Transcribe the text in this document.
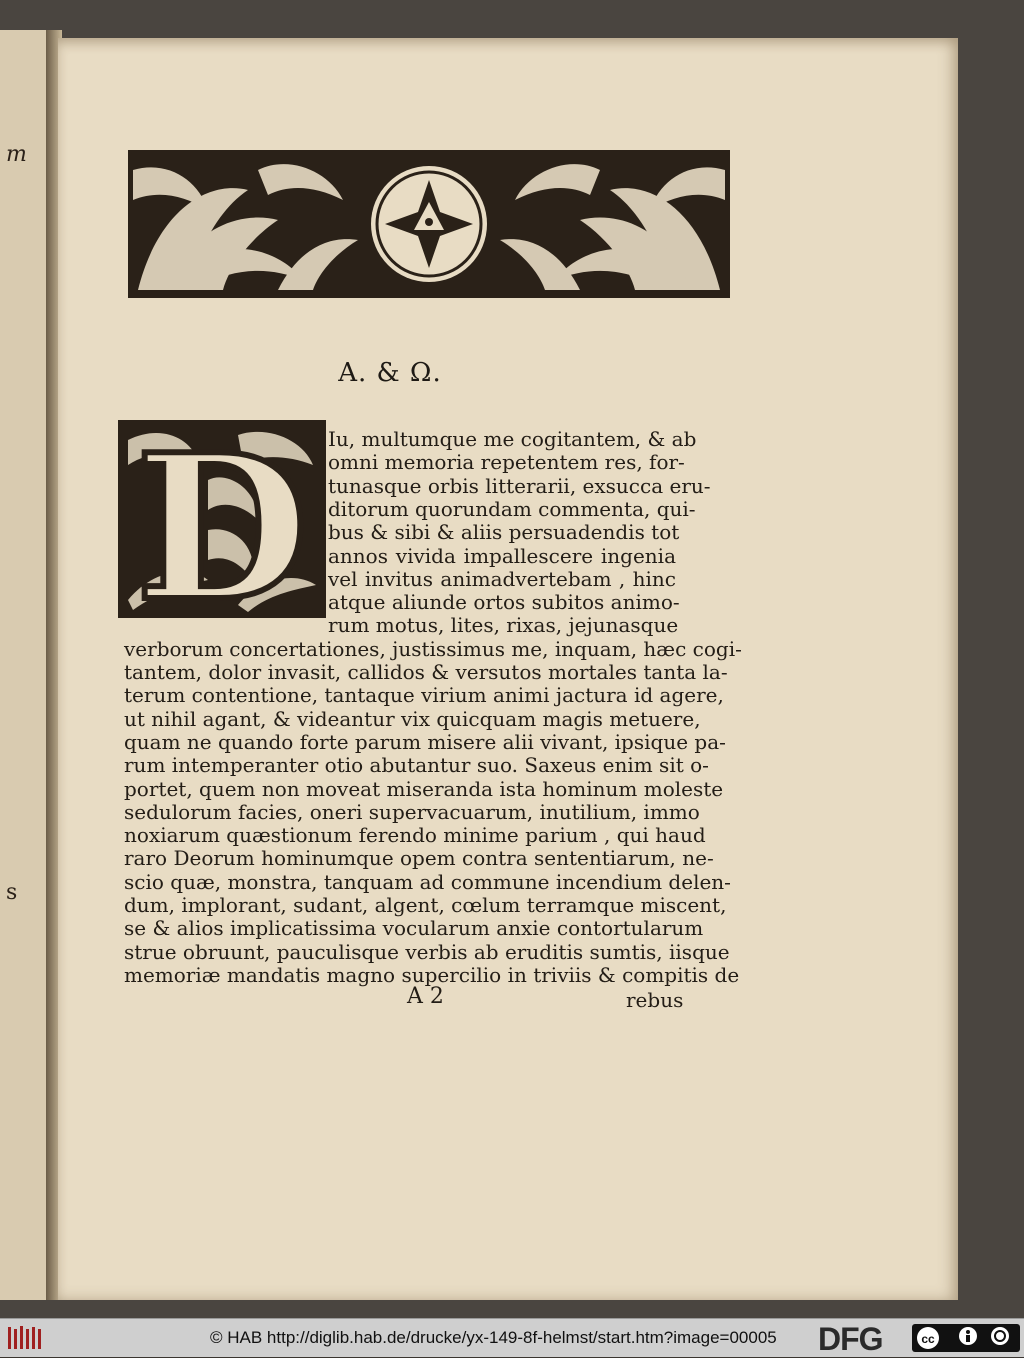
m
s
A. & Ω.
D Iu, multumque me cogitantem, & ab
omni memoria repetentem res, for-
tunasque orbis litterarii, exsucca eru-
ditorum quorundam commenta, qui-
bus & sibi & aliis persuadendis tot
annos vivida impallescere ingenia
vel invitus animadvertebam , hinc
atque aliunde ortos subitos animo-
rum motus, lites, rixas, jejunasque
verborum concertationes, justissimus me, inquam, hæc cogi-
tantem, dolor invasit, callidos & versutos mortales tanta la-
terum contentione, tantaque virium animi jactura id agere,
ut nihil agant, & videantur vix quicquam magis metuere,
quam ne quando forte parum misere alii vivant, ipsique pa-
rum intemperanter otio abutantur suo. Saxeus enim sit o-
portet, quem non moveat miseranda ista hominum molestе
sedulorum facies, oneri supervacuarum, inutilium, immo
noxiarum quæstionum ferendo minime parium , qui haud
raro Deorum hominumque opem contra sententiarum, ne-
scio quæ, monstra, tanquam ad commune incendium delen-
dum, implorant, sudant, algent, cœlum terramque miscent,
se & alios implicatissima vocularum anxie contortularum
strue obruunt, pauculisque verbis ab eruditis sumtis, iisque
memoriæ mandatis magno supercilio in triviis & compitis de
A 2	rebus
© HAB http://diglib.hab.de/drucke/yx-149-8f-helmst/start.htm?image=00005 DFG	cc
